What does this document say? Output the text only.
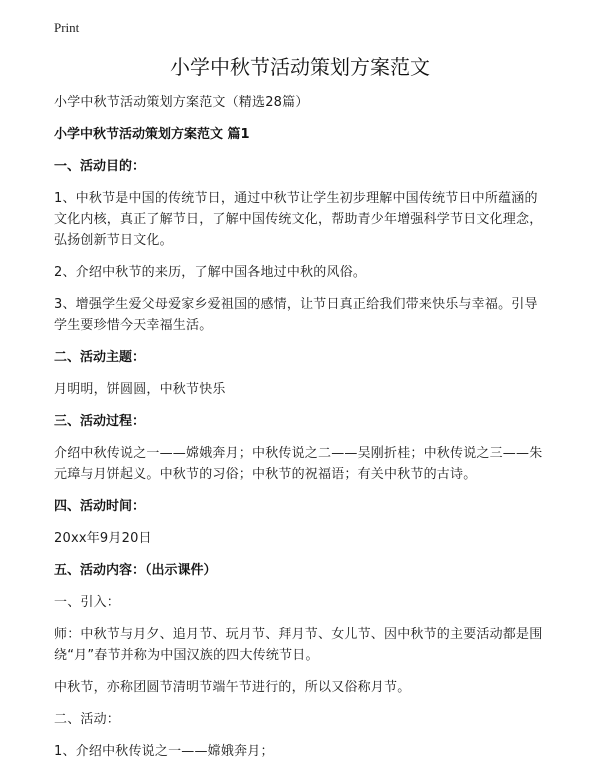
Print
小学中秋节活动策划方案范文

小学中秋节活动策划方案范文（精选28篇）

小学中秋节活动策划方案范文 篇1

一、活动目的：

1、中秋节是中国的传统节日，通过中秋节让学生初步理解中国传统节日中所蕴涵的文化内核，真正了解节日，了解中国传统文化，帮助青少年增强科学节日文化理念，弘扬创新节日文化。

2、介绍中秋节的来历，了解中国各地过中秋的风俗。

3、增强学生爱父母爱家乡爱祖国的感情，让节日真正给我们带来快乐与幸福。引导学生要珍惜今天幸福生活。

二、活动主题：

月明明，饼圆圆，中秋节快乐

三、活动过程：

介绍中秋传说之一——嫦娥奔月；中秋传说之二——吴刚折桂；中秋传说之三——朱元璋与月饼起义。中秋节的习俗；中秋节的祝福语；有关中秋节的古诗。

四、活动时间：

20xx年9月20日

五、活动内容：（出示课件）

一、引入：

师：中秋节与月夕、追月节、玩月节、拜月节、女儿节、因中秋节的主要活动都是围绕“月”春节并称为中国汉族的四大传统节日。

中秋节，亦称团圆节清明节端午节进行的，所以又俗称月节。

二、活动：

1、介绍中秋传说之一——嫦娥奔月；
